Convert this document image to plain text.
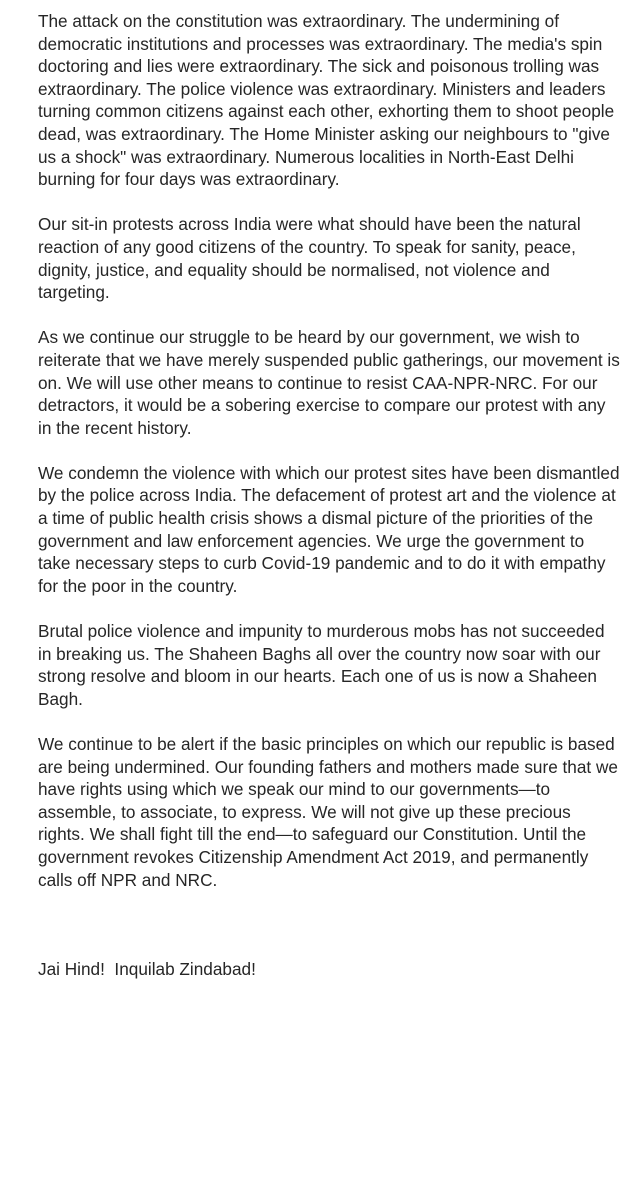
The attack on the constitution was extraordinary. The undermining of democratic institutions and processes was extraordinary. The media's spin doctoring and lies were extraordinary. The sick and poisonous trolling was extraordinary. The police violence was extraordinary. Ministers and leaders turning common citizens against each other, exhorting them to shoot people dead, was extraordinary. The Home Minister asking our neighbours to "give us a shock" was extraordinary. Numerous localities in North-East Delhi burning for four days was extraordinary.

Our sit-in protests across India were what should have been the natural reaction of any good citizens of the country. To speak for sanity, peace, dignity, justice, and equality should be normalised, not violence and targeting.

As we continue our struggle to be heard by our government, we wish to reiterate that we have merely suspended public gatherings, our movement is on. We will use other means to continue to resist CAA-NPR-NRC. For our detractors, it would be a sobering exercise to compare our protest with any in the recent history.

We condemn the violence with which our protest sites have been dismantled by the police across India. The defacement of protest art and the violence at a time of public health crisis shows a dismal picture of the priorities of the government and law enforcement agencies. We urge the government to take necessary steps to curb Covid-19 pandemic and to do it with empathy for the poor in the country.

Brutal police violence and impunity to murderous mobs has not succeeded in breaking us. The Shaheen Baghs all over the country now soar with our strong resolve and bloom in our hearts. Each one of us is now a Shaheen Bagh.

We continue to be alert if the basic principles on which our republic is based are being undermined. Our founding fathers and mothers made sure that we have rights using which we speak our mind to our governments—to assemble, to associate, to express. We will not give up these precious rights. We shall fight till the end—to safeguard our Constitution. Until the government revokes Citizenship Amendment Act 2019, and permanently calls off NPR and NRC.

Jai Hind!  Inquilab Zindabad!
